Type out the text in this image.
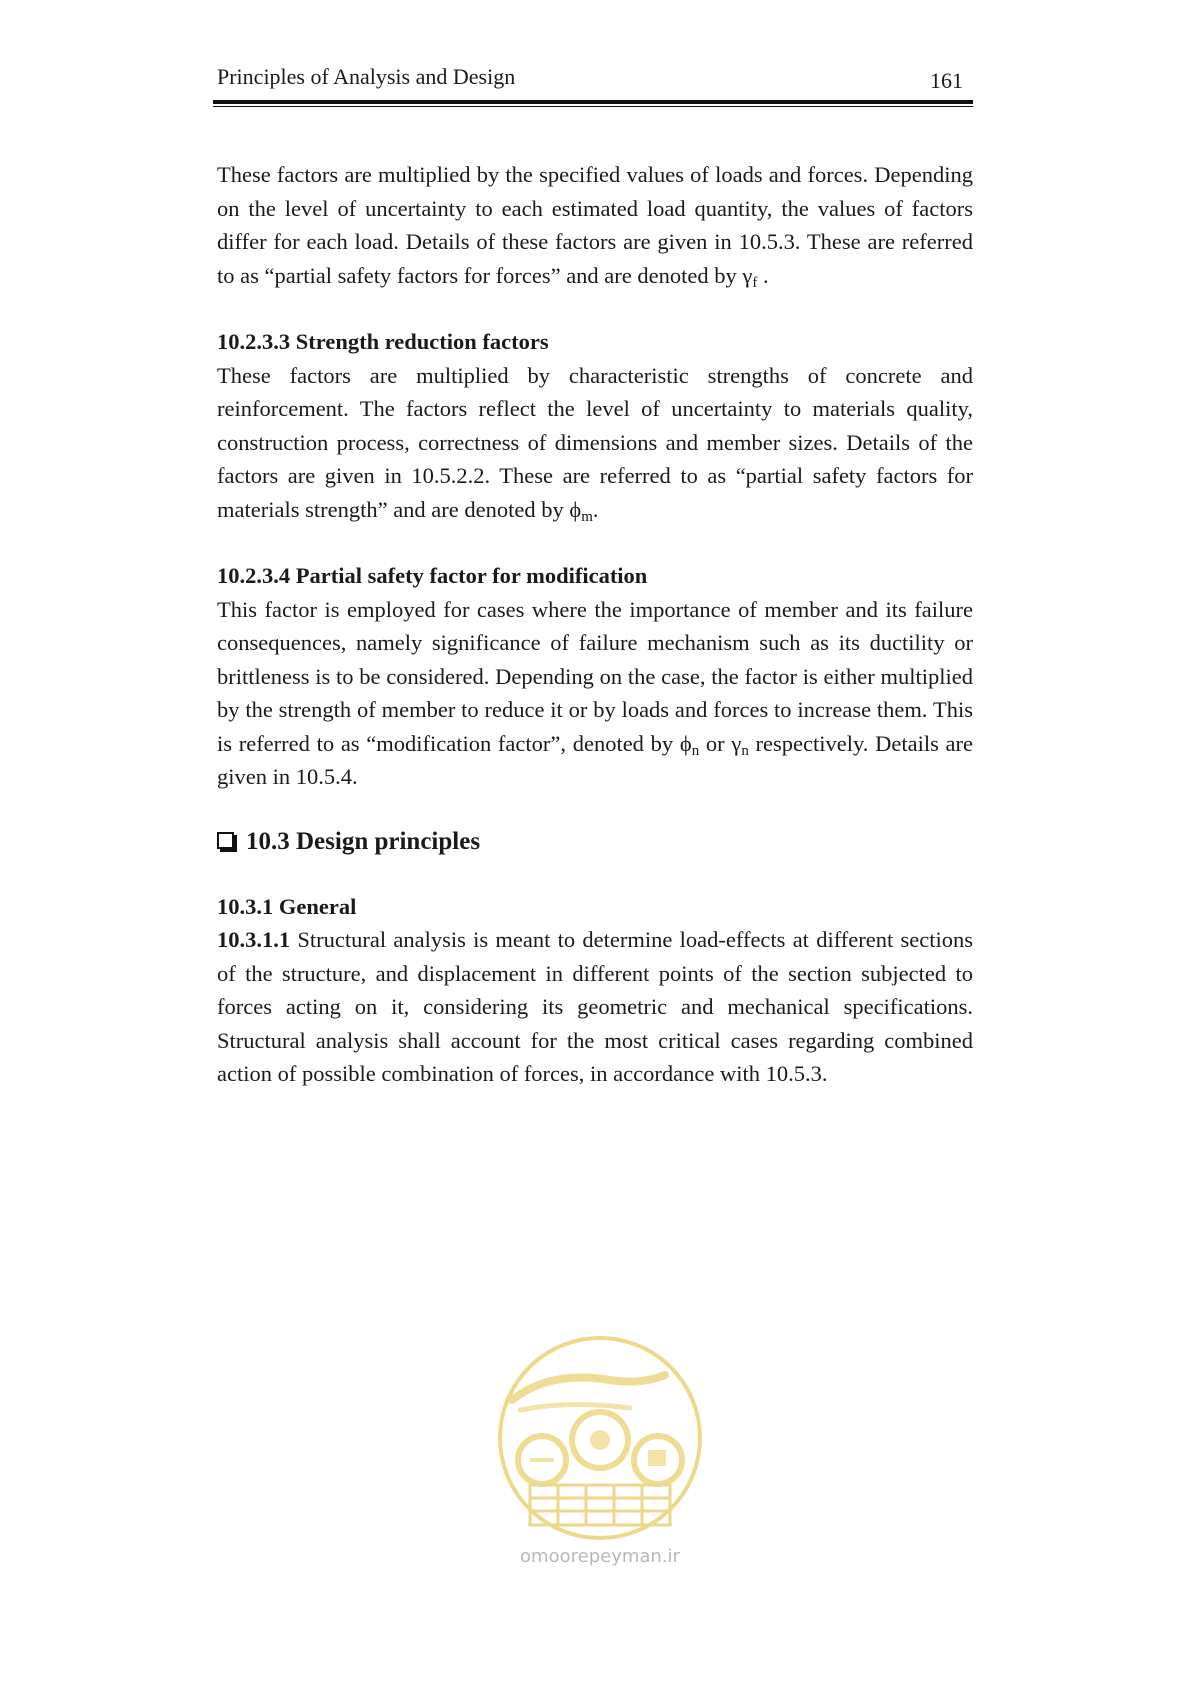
Principles of Analysis and Design	161

These factors are multiplied by the specified values of loads and forces. Depending on the level of uncertainty to each estimated load quantity, the values of factors differ for each load. Details of these factors are given in 10.5.3. These are referred to as “partial safety factors for forces” and are denoted by $\gamma_f$ .

10.2.3.3 Strength reduction factors

These factors are multiplied by characteristic strengths of concrete and reinforcement. The factors reflect the level of uncertainty to materials quality, construction process, correctness of dimensions and member sizes. Details of the factors are given in 10.5.2.2. These are referred to as “partial safety factors for materials strength” and are denoted by $\phi_m$.

10.2.3.4 Partial safety factor for modification

This factor is employed for cases where the importance of member and its failure consequences, namely significance of failure mechanism such as its ductility or brittleness is to be considered. Depending on the case, the factor is either multiplied by the strength of member to reduce it or by loads and forces to increase them. This is referred to as “modification factor”, denoted by $\phi_n$ or $\gamma_n$ respectively. Details are given in 10.5.4.

10.3 Design principles
10.3.1 General

10.3.1.1 Structural analysis is meant to determine load-effects at different sections of the structure, and displacement in different points of the section subjected to forces acting on it, considering its geometric and mechanical specifications. Structural analysis shall account for the most critical cases regarding combined action of possible combination of forces, in accordance with 10.5.3.

omoorepeyman.ir
